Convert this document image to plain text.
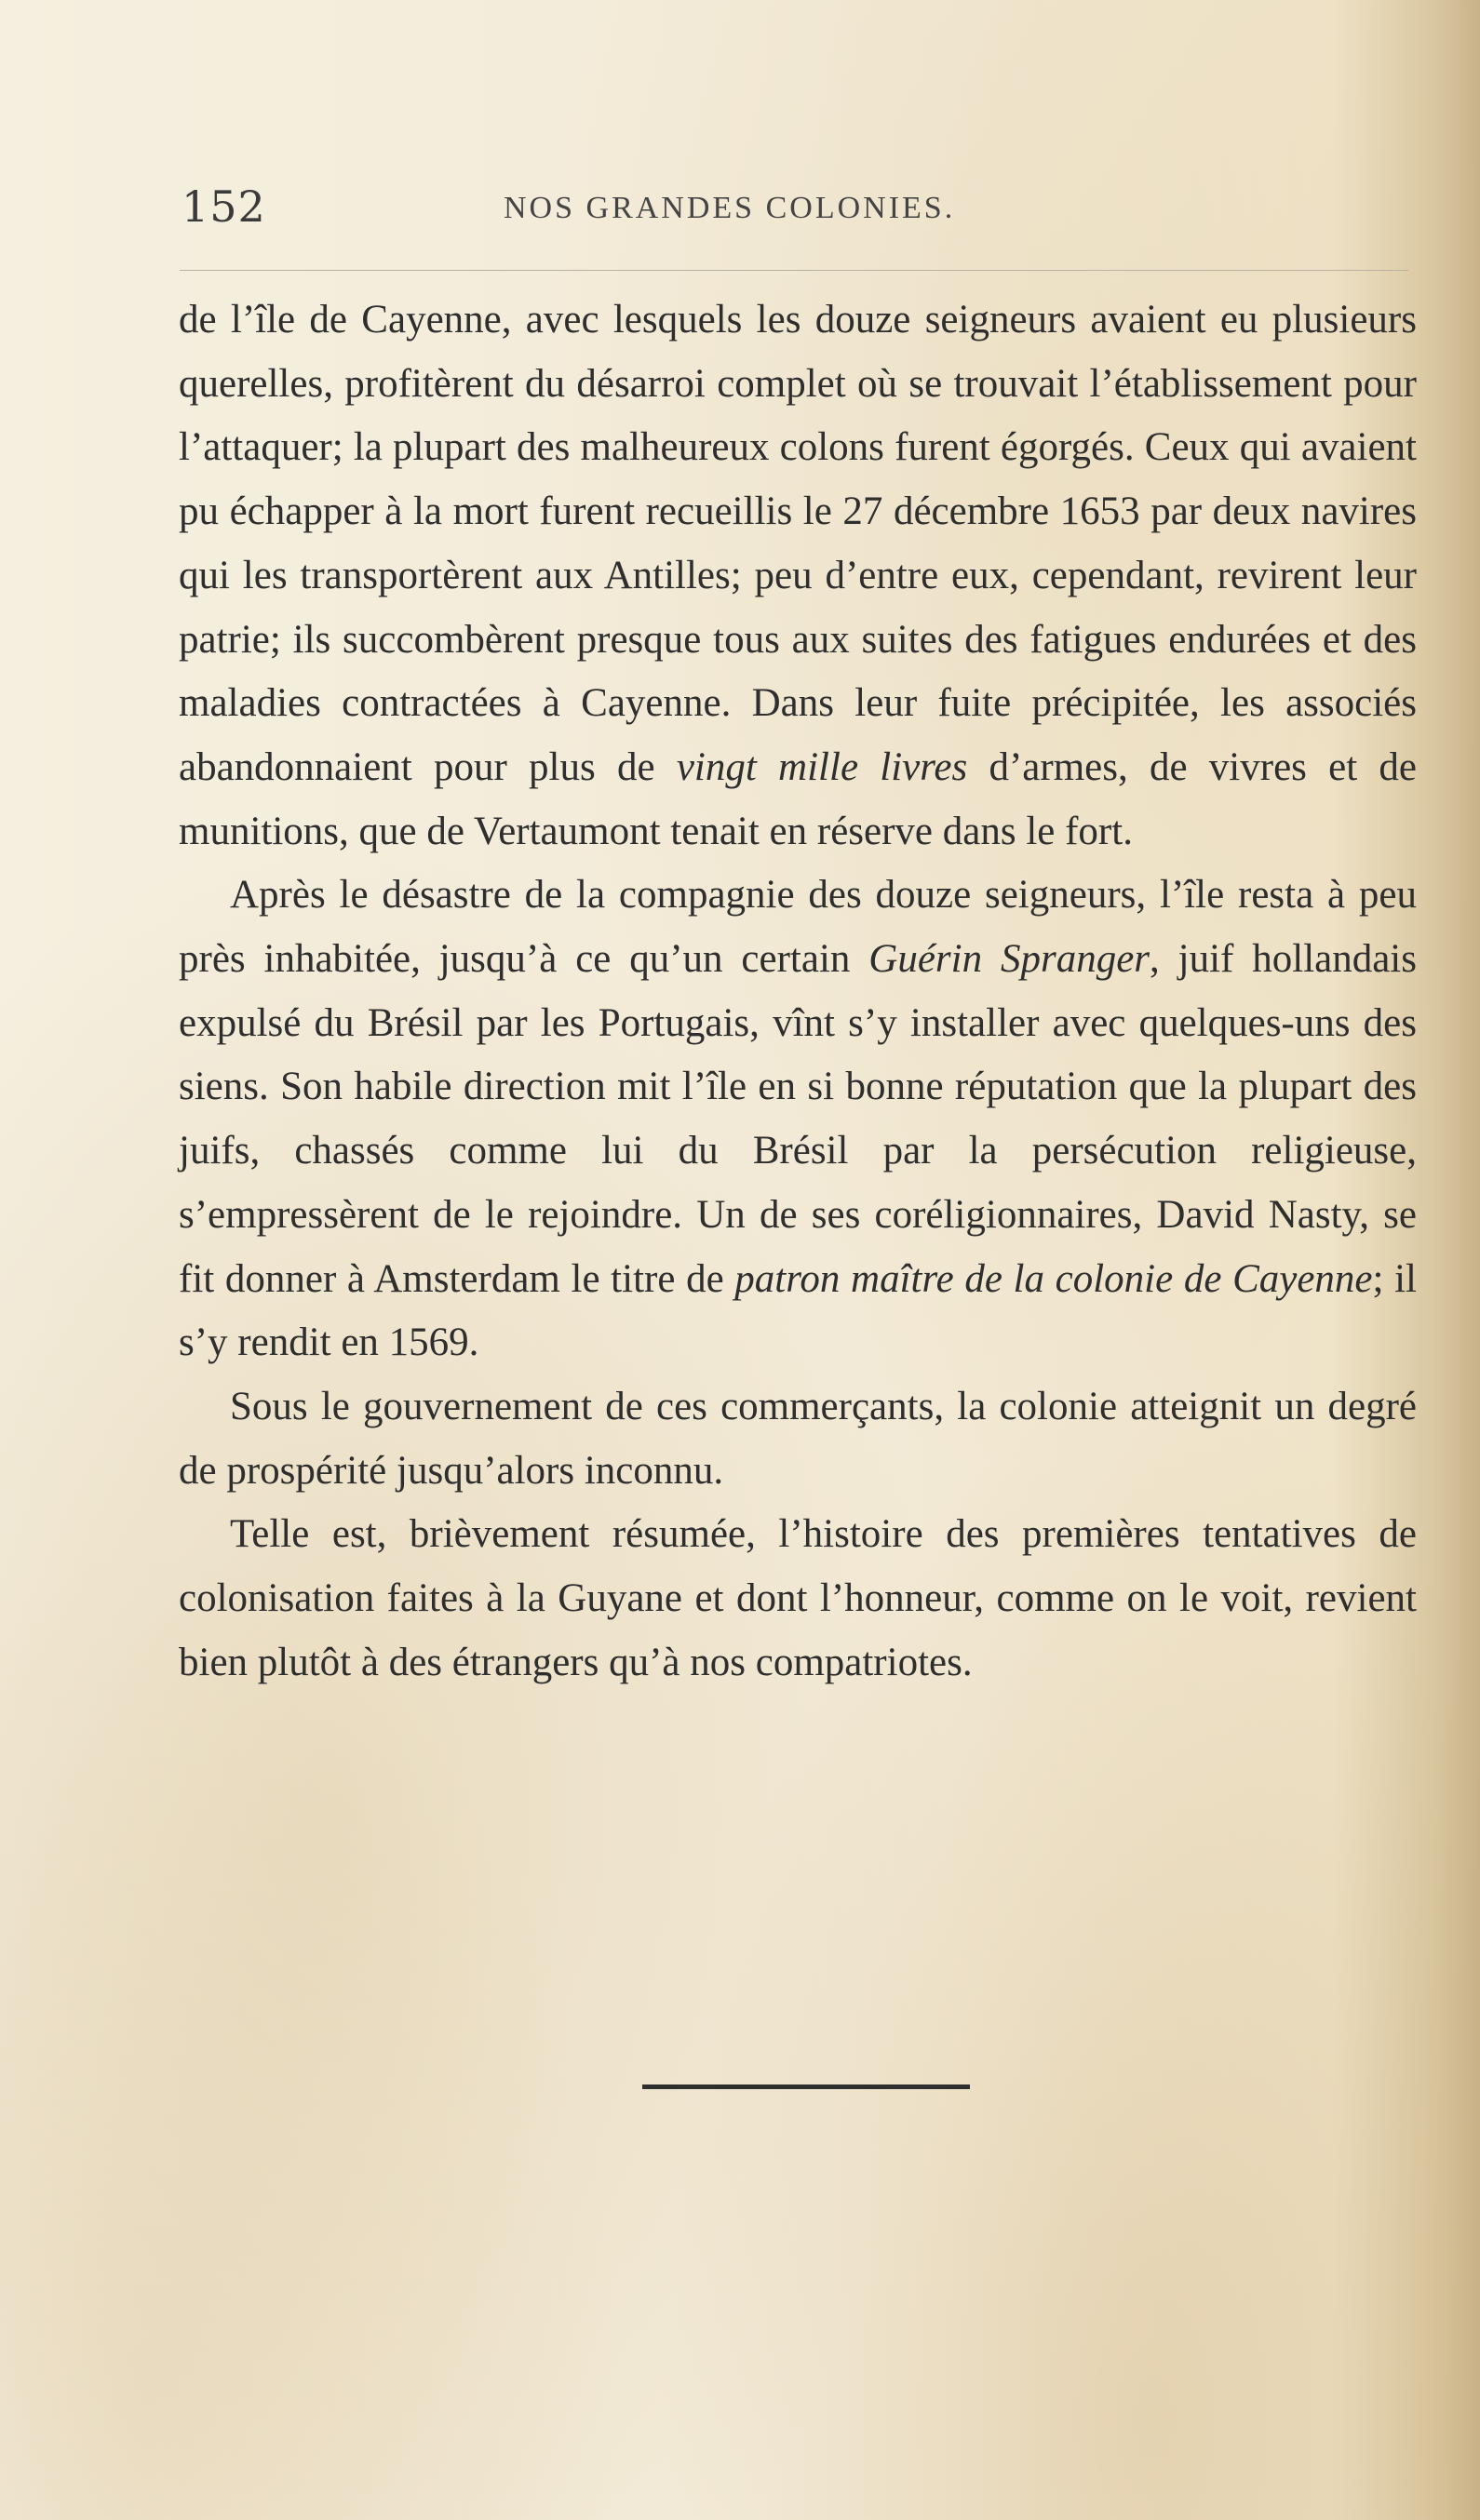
152	NOS GRANDES COLONIES.

de l’île de Cayenne, avec lesquels les douze seigneurs avaient eu plusieurs querelles, profitèrent du désarroi complet où se trouvait l’établissement pour l’attaquer; la plupart des malheureux colons furent égorgés. Ceux qui avaient pu échapper à la mort furent recueillis le 27 décembre 1653 par deux navires qui les transportèrent aux Antilles; peu d’entre eux, cependant, revirent leur patrie; ils succombèrent presque tous aux suites des fatigues endurées et des maladies contractées à Cayenne. Dans leur fuite précipitée, les associés abandonnaient pour plus de vingt mille livres d’armes, de vivres et de munitions, que de Vertaumont tenait en réserve dans le fort.

Après le désastre de la compagnie des douze seigneurs, l’île resta à peu près inhabitée, jusqu’à ce qu’un certain Guérin Spranger, juif hollandais expulsé du Brésil par les Portugais, vînt s’y installer avec quelques-uns des siens. Son habile direction mit l’île en si bonne réputation que la plupart des juifs, chassés comme lui du Brésil par la persécution religieuse, s’empressèrent de le rejoindre. Un de ses coréligionnaires, David Nasty, se fit donner à Amsterdam le titre de patron maître de la colonie de Cayenne; il s’y rendit en 1569.

Sous le gouvernement de ces commerçants, la colonie atteignit un degré de prospérité jusqu’alors inconnu.

Telle est, brièvement résumée, l’histoire des premières tentatives de colonisation faites à la Guyane et dont l’honneur, comme on le voit, revient bien plutôt à des étrangers qu’à nos compatriotes.
